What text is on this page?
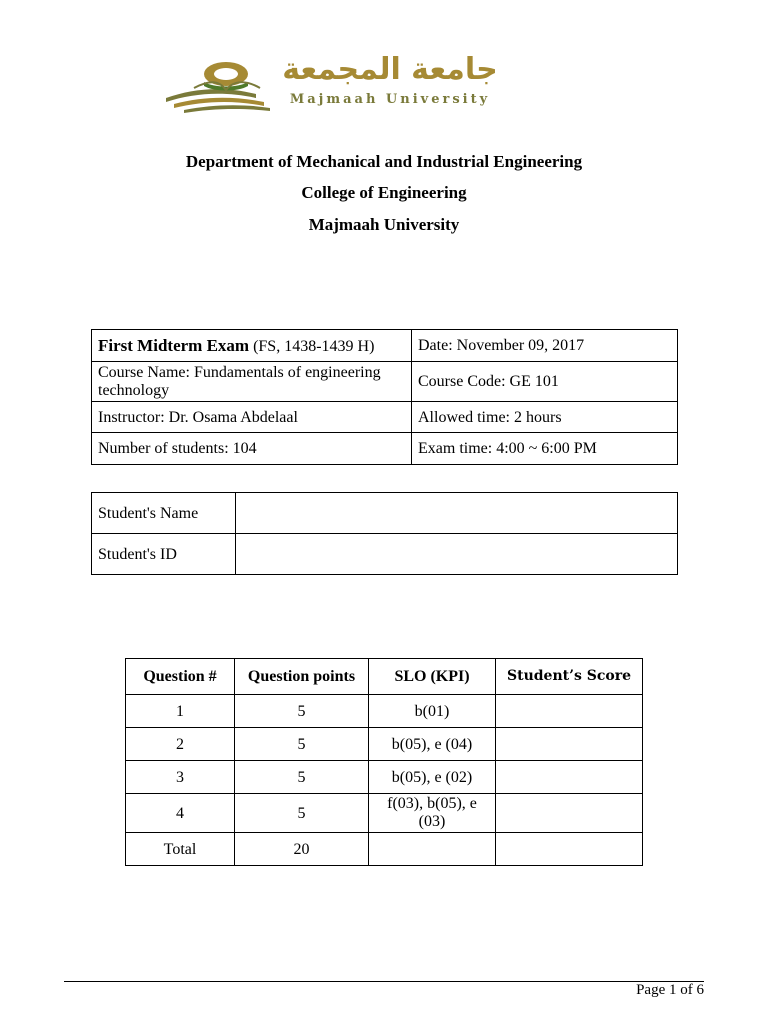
جامعة المجمعة
Majmaah University
Department of Mechanical and Industrial Engineering
College of Engineering
Majmaah University
First Midterm Exam (FS, 1438-1439 H)	Date: November 09, 2017
Course Name: Fundamentals of engineering technology	Course Code: GE 101
Instructor: Dr. Osama Abdelaal	Allowed time: 2 hours
Number of students: 104	Exam time: 4:00 ~ 6:00 PM
Student's Name	
Student's ID	
Question #	Question points	SLO (KPI)	Student’s Score
1	5	b(01)	
2	5	b(05), e (04)	
3	5	b(05), e (02)	
4	5	f(03), b(05), e (03)	
Total	20		
Page 1 of 6
